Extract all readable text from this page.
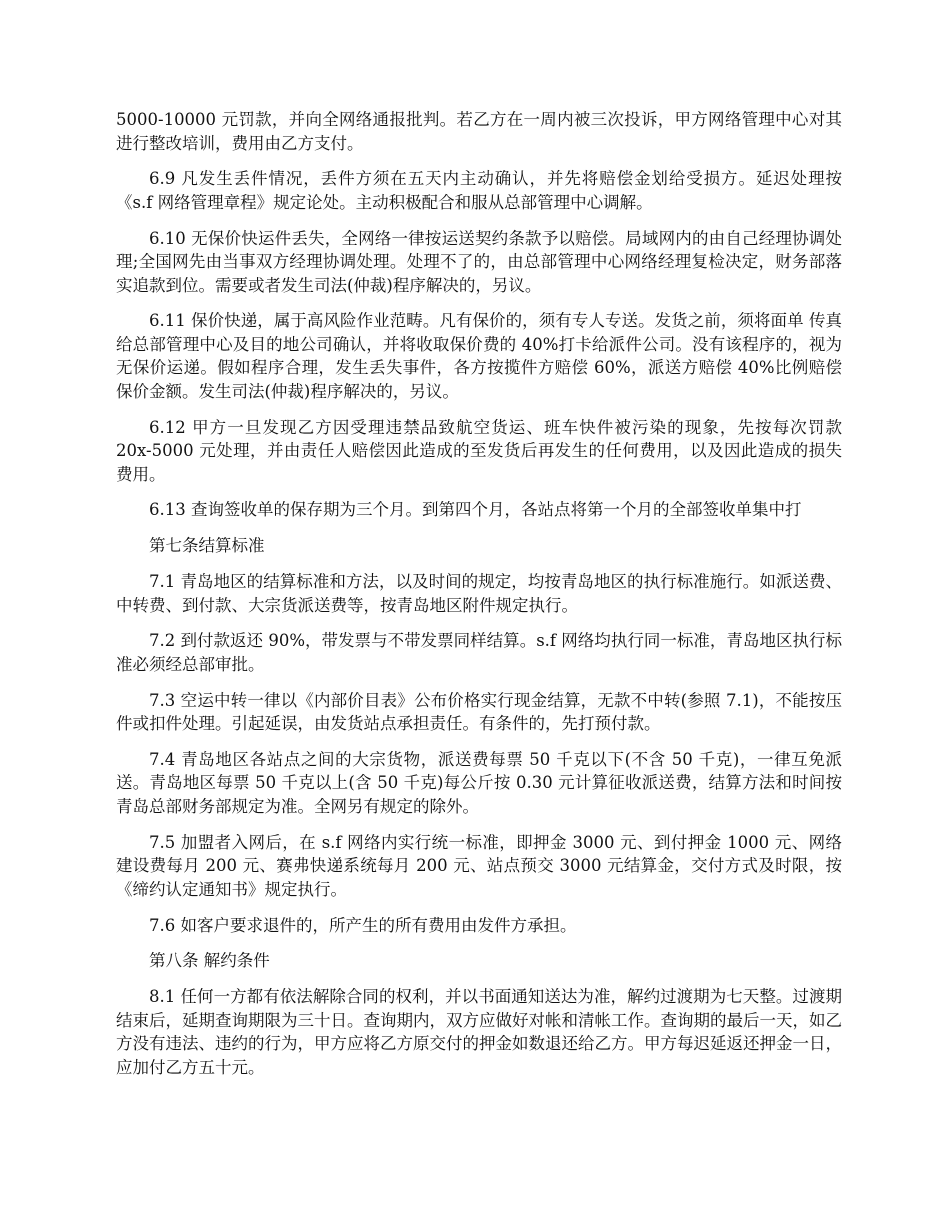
5000-10000 元罚款，并向全网络通报批判。若乙方在一周内被三次投诉，甲方网络管理中心对其进行整改培训，费用由乙方支付。

6.9 凡发生丢件情况，丢件方须在五天内主动确认，并先将赔偿金划给受损方。延迟处理按《s.f 网络管理章程》规定论处。主动积极配合和服从总部管理中心调解。

6.10 无保价快运件丢失，全网络一律按运送契约条款予以赔偿。局域网内的由自己经理协调处理;全国网先由当事双方经理协调处理。处理不了的，由总部管理中心网络经理复检决定，财务部落实追款到位。需要或者发生司法(仲裁)程序解决的，另议。

6.11 保价快递，属于高风险作业范畴。凡有保价的，须有专人专送。发货之前，须将面单 传真给总部管理中心及目的地公司确认，并将收取保价费的 40%打卡给派件公司。没有该程序的，视为无保价运递。假如程序合理，发生丢失事件，各方按揽件方赔偿 60%，派送方赔偿 40%比例赔偿保价金额。发生司法(仲裁)程序解决的，另议。

6.12 甲方一旦发现乙方因受理违禁品致航空货运、班车快件被污染的现象，先按每次罚款 20x-5000 元处理，并由责任人赔偿因此造成的至发货后再发生的任何费用，以及因此造成的损失费用。

6.13 查询签收单的保存期为三个月。到第四个月，各站点将第一个月的全部签收单集中打

第七条结算标准

7.1 青岛地区的结算标准和方法，以及时间的规定，均按青岛地区的执行标准施行。如派送费、中转费、到付款、大宗货派送费等，按青岛地区附件规定执行。

7.2 到付款返还 90%，带发票与不带发票同样结算。s.f 网络均执行同一标准，青岛地区执行标准必须经总部审批。

7.3 空运中转一律以《内部价目表》公布价格实行现金结算，无款不中转(参照 7.1)，不能按压件或扣件处理。引起延误，由发货站点承担责任。有条件的，先打预付款。

7.4 青岛地区各站点之间的大宗货物，派送费每票 50 千克以下(不含 50 千克)，一律互免派送。青岛地区每票 50 千克以上(含 50 千克)每公斤按 0.30 元计算征收派送费，结算方法和时间按青岛总部财务部规定为准。全网另有规定的除外。

7.5 加盟者入网后，在 s.f 网络内实行统一标准，即押金 3000 元、到付押金 1000 元、网络建设费每月 200 元、赛弗快递系统每月 200 元、站点预交 3000 元结算金，交付方式及时限，按《缔约认定通知书》规定执行。

7.6 如客户要求退件的，所产生的所有费用由发件方承担。

第八条 解约条件

8.1 任何一方都有依法解除合同的权利，并以书面通知送达为准，解约过渡期为七天整。过渡期结束后，延期查询期限为三十日。查询期内，双方应做好对帐和清帐工作。查询期的最后一天，如乙方没有违法、违约的行为，甲方应将乙方原交付的押金如数退还给乙方。甲方每迟延返还押金一日，应加付乙方五十元。
